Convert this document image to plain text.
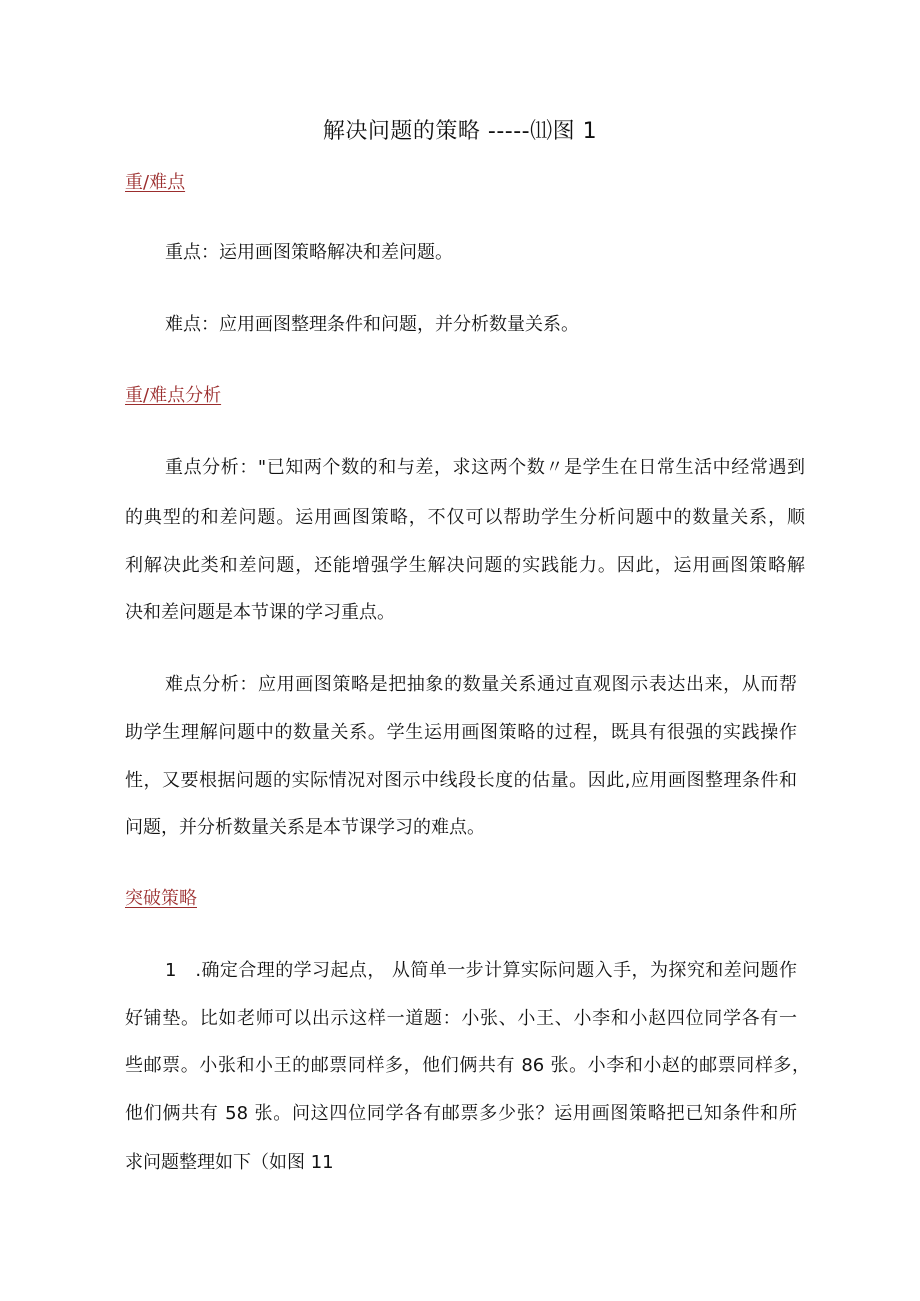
解决问题的策略 -----⑾图 1
重/难点
重点：运用画图策略解决和差问题。
难点：应用画图整理条件和问题，并分析数量关系。
重/难点分析
重点分析："已知两个数的和与差，求这两个数〃是学生在日常生活中经常遇到
的典型的和差问题。运用画图策略，不仅可以帮助学生分析问题中的数量关系，顺
利解决此类和差问题，还能增强学生解决问题的实践能力。因此，运用画图策略解
决和差问题是本节课的学习重点。
难点分析：应用画图策略是把抽象的数量关系通过直观图示表达出来，从而帮
助学生理解问题中的数量关系。学生运用画图策略的过程，既具有很强的实践操作
性，又要根据问题的实际情况对图示中线段长度的估量。因此,应用画图整理条件和
问题，并分析数量关系是本节课学习的难点。
突破策略
1　.确定合理的学习起点， 从简单一步计算实际问题入手，为探究和差问题作
好铺垫。比如老师可以出示这样一道题：小张、小王、小李和小赵四位同学各有一
些邮票。小张和小王的邮票同样多，他们俩共有 86 张。小李和小赵的邮票同样多，
他们俩共有 58 张。问这四位同学各有邮票多少张？运用画图策略把已知条件和所
求问题整理如下（如图 11
